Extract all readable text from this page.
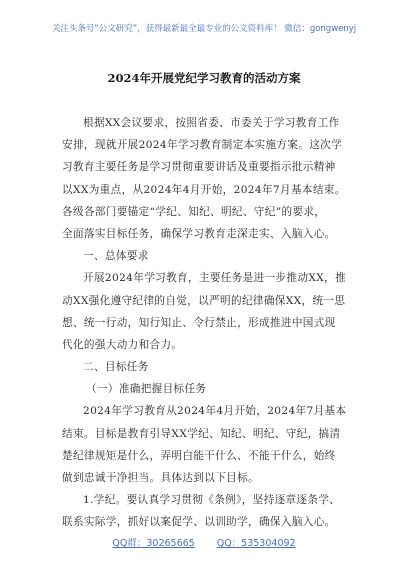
关注头条号“公文研究”，获得最新最全最专业的公文资料库！ 微信：gongwenyj
2024年开展党纪学习教育的活动方案
根据XX会议要求，按照省委、市委关于学习教育工作
安排，现就开展2024年学习教育制定本实施方案。这次学
习教育主要任务是学习贯彻重要讲话及重要指示批示精神
以XX为重点，从2024年4月开始，2024年7月基本结束。
各级各部门要锚定“学纪、知纪、明纪、守纪”的要求，
全面落实目标任务，确保学习教育走深走实、入脑入心。
一、总体要求
开展2024年学习教育，主要任务是进一步推动XX，推
动XX强化遵守纪律的自觉，以严明的纪律确保XX，统一思
想、统一行动，知行知止、令行禁止，形成推进中国式现
代化的强大动力和合力。
二、目标任务
（一）准确把握目标任务
2024年学习教育从2024年4月开始，2024年7月基本
结束。目标是教育引导XX学纪、知纪、明纪、守纪，搞清
楚纪律规矩是什么，弄明白能干什么、不能干什么，始终
做到忠诚干净担当。具体达到以下目标。
1.学纪。要认真学习贯彻《条例》，坚持逐章逐条学、
联系实际学，抓好以案促学、以训助学，确保入脑入心。
QQ群：30265665 QQ：535304092
